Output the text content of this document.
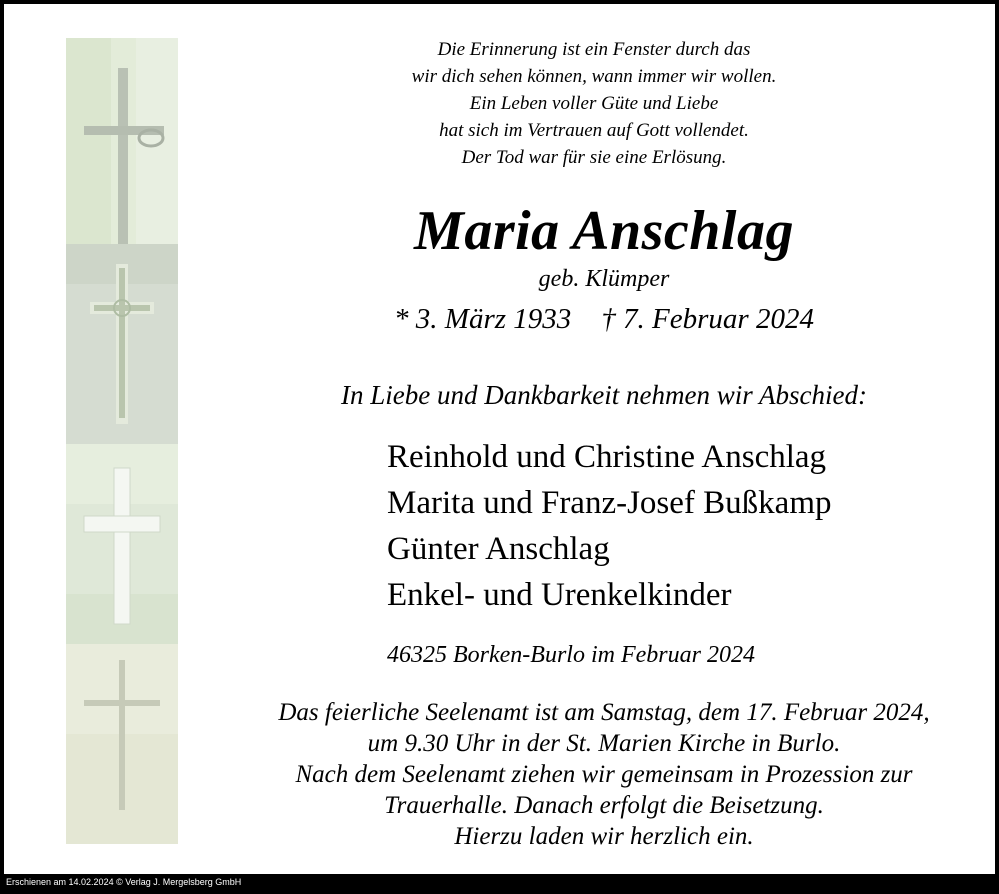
Die Erinnerung ist ein Fenster durch das
wir dich sehen können, wann immer wir wollen.
Ein Leben voller Güte und Liebe
hat sich im Vertrauen auf Gott vollendet.
Der Tod war für sie eine Erlösung.
Maria Anschlag
geb. Klümper
* 3. März 1933 † 7. Februar 2024
In Liebe und Dankbarkeit nehmen wir Abschied:
Reinhold und Christine Anschlag
Marita und Franz-Josef Bußkamp
Günter Anschlag
Enkel- und Urenkelkinder
46325 Borken-Burlo im Februar 2024
Das feierliche Seelenamt ist am Samstag, dem 17. Februar 2024,
um 9.30 Uhr in der St. Marien Kirche in Burlo.
Nach dem Seelenamt ziehen wir gemeinsam in Prozession zur
Trauerhalle. Danach erfolgt die Beisetzung.
Hierzu laden wir herzlich ein.
Erschienen am 14.02.2024 © Verlag J. Mergelsberg GmbH
